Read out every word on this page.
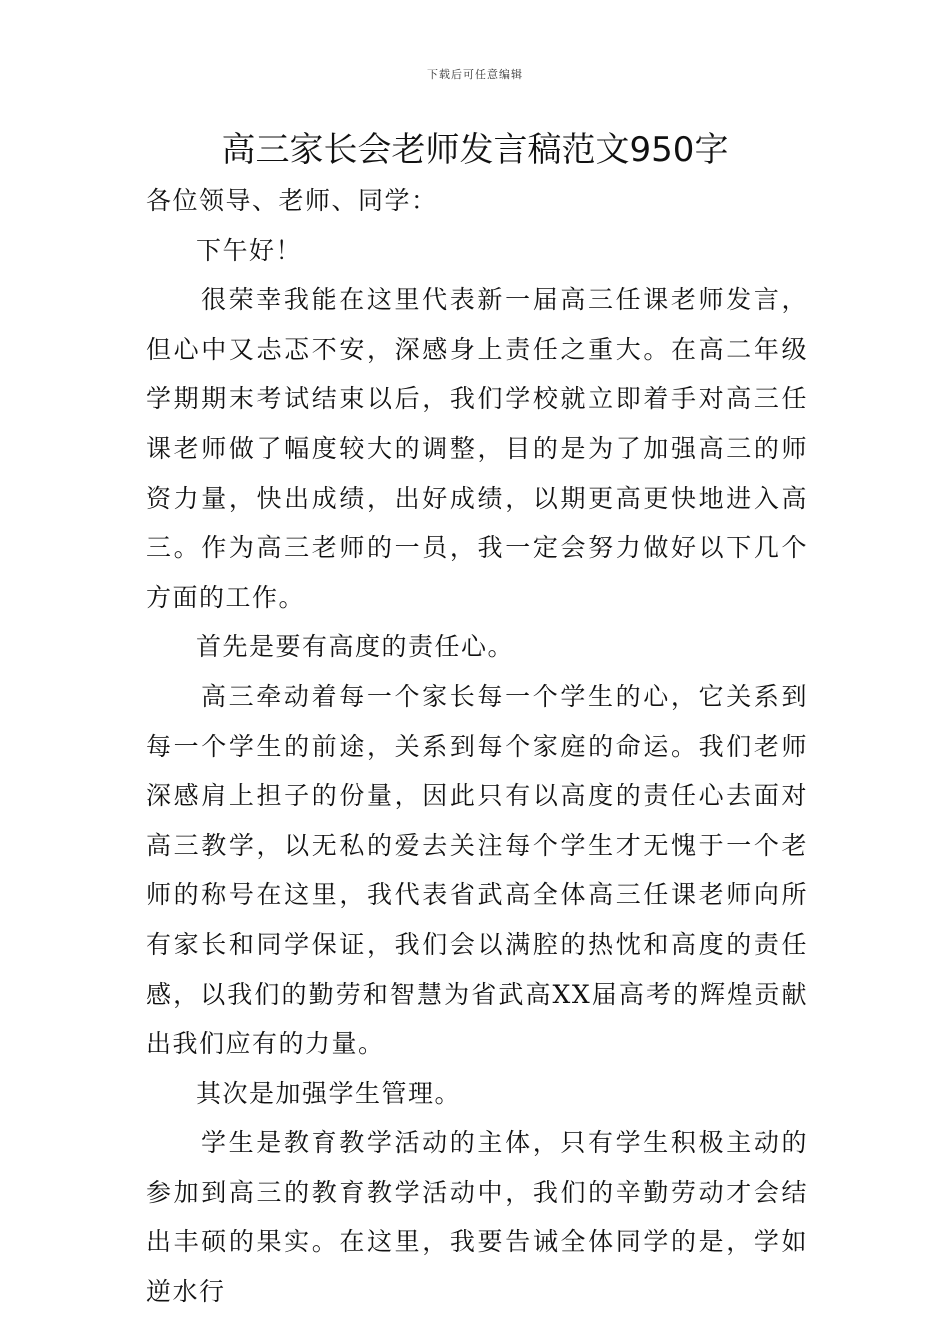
下载后可任意编辑
高三家长会老师发言稿范文950字

各位领导、老师、同学：

下午好！

很荣幸我能在这里代表新一届高三任课老师发言，但心中又忐忑不安，深感身上责任之重大。在高二年级学期期末考试结束以后，我们学校就立即着手对高三任课老师做了幅度较大的调整，目的是为了加强高三的师资力量，快出成绩，出好成绩，以期更高更快地进入高三。作为高三老师的一员，我一定会努力做好以下几个方面的工作。

首先是要有高度的责任心。

高三牵动着每一个家长每一个学生的心，它关系到每一个学生的前途，关系到每个家庭的命运。我们老师深感肩上担子的份量，因此只有以高度的责任心去面对高三教学，以无私的爱去关注每个学生才无愧于一个老师的称号在这里，我代表省武高全体高三任课老师向所有家长和同学保证，我们会以满腔的热忱和高度的责任感，以我们的勤劳和智慧为省武高XX届高考的辉煌贡献出我们应有的力量。

其次是加强学生管理。

学生是教育教学活动的主体，只有学生积极主动的参加到高三的教育教学活动中，我们的辛勤劳动才会结出丰硕的果实。在这里，我要告诫全体同学的是，学如逆水行
